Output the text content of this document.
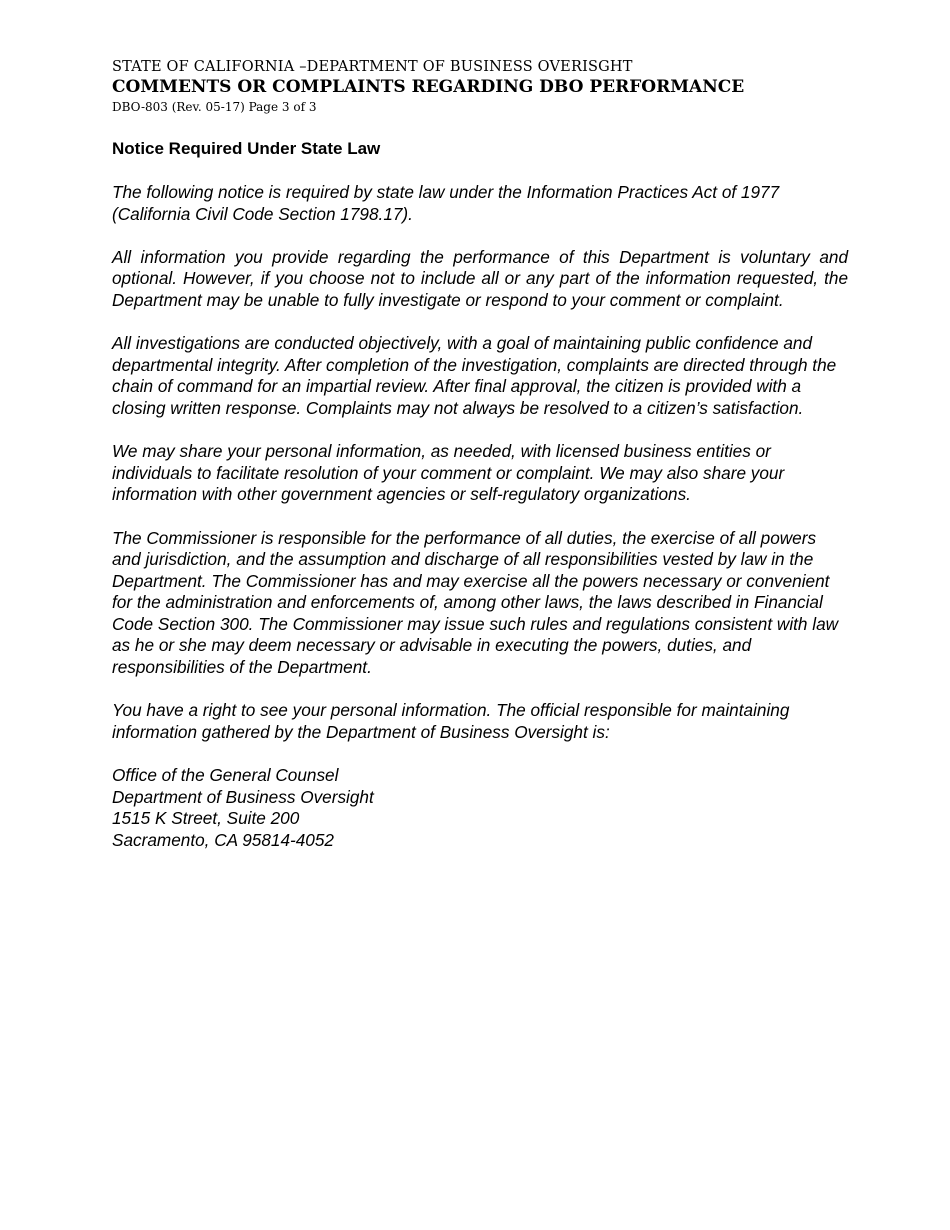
STATE OF CALIFORNIA –DEPARTMENT OF BUSINESS OVERISGHT
COMMENTS OR COMPLAINTS REGARDING DBO PERFORMANCE
DBO-803 (Rev. 05-17) Page 3 of 3
Notice Required Under State Law

The following notice is required by state law under the Information Practices Act of 1977 (California Civil Code Section 1798.17).

All information you provide regarding the performance of this Department is voluntary and optional. However, if you choose not to include all or any part of the information requested, the Department may be unable to fully investigate or respond to your comment or complaint.

All investigations are conducted objectively, with a goal of maintaining public confidence and departmental integrity. After completion of the investigation, complaints are directed through the chain of command for an impartial review. After final approval, the citizen is provided with a closing written response. Complaints may not always be resolved to a citizen’s satisfaction.

We may share your personal information, as needed, with licensed business entities or individuals to facilitate resolution of your comment or complaint. We may also share your information with other government agencies or self-regulatory organizations.

The Commissioner is responsible for the performance of all duties, the exercise of all powers and jurisdiction, and the assumption and discharge of all responsibilities vested by law in the Department. The Commissioner has and may exercise all the powers necessary or convenient for the administration and enforcements of, among other laws, the laws described in Financial Code Section 300. The Commissioner may issue such rules and regulations consistent with law as he or she may deem necessary or advisable in executing the powers, duties, and responsibilities of the Department.

You have a right to see your personal information. The official responsible for maintaining information gathered by the Department of Business Oversight is:

Office of the General Counsel
Department of Business Oversight
1515 K Street, Suite 200
Sacramento, CA 95814-4052
